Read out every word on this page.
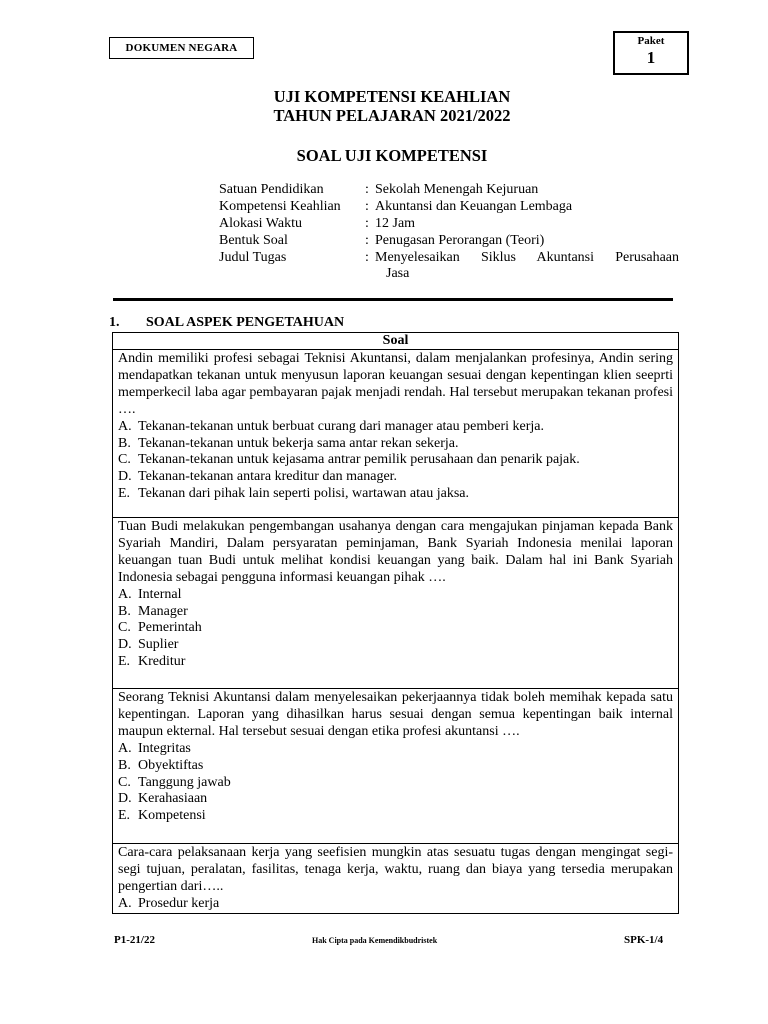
DOKUMEN NEGARA
Paket
1
UJI KOMPETENSI KEAHLIAN
TAHUN PELAJARAN 2021/2022
SOAL UJI KOMPETENSI
Satuan Pendidikan	: Sekolah Menengah Kejuruan
Kompetensi Keahlian	: Akuntansi dan Keuangan Lembaga
Alokasi Waktu	: 12 Jam
Bentuk Soal	: Penugasan Perorangan (Teori)
Judul Tugas	: Menyelesaikan Siklus Akuntansi Perusahaan
Jasa
1.	SOAL ASPEK PENGETAHUAN
Soal
Andin memiliki profesi sebagai Teknisi Akuntansi, dalam menjalankan profesinya, Andin sering mendapatkan tekanan untuk menyusun laporan keuangan sesuai dengan kepentingan klien seeprti memperkecil laba agar pembayaran pajak menjadi rendah. Hal tersebut merupakan tekanan profesi ….
A. Tekanan-tekanan untuk berbuat curang dari manager atau pemberi kerja.
B. Tekanan-tekanan untuk bekerja sama antar rekan sekerja.
C. Tekanan-tekanan untuk kejasama antrar pemilik perusahaan dan penarik pajak.
D. Tekanan-tekanan antara kreditur dan manager.
E. Tekanan dari pihak lain seperti polisi, wartawan atau jaksa.
Tuan Budi melakukan pengembangan usahanya dengan cara mengajukan pinjaman kepada Bank Syariah Mandiri, Dalam persyaratan peminjaman, Bank Syariah Indonesia menilai laporan keuangan tuan Budi untuk melihat kondisi keuangan yang baik. Dalam hal ini Bank Syariah Indonesia sebagai pengguna informasi keuangan pihak ….
A. Internal
B. Manager
C. Pemerintah
D. Suplier
E. Kreditur
Seorang Teknisi Akuntansi dalam menyelesaikan pekerjaannya tidak boleh memihak kepada satu kepentingan. Laporan yang dihasilkan harus sesuai dengan semua kepentingan baik internal maupun ekternal. Hal tersebut sesuai dengan etika profesi akuntansi ….
A. Integritas
B. Obyektiftas
C. Tanggung jawab
D. Kerahasiaan
E. Kompetensi
Cara-cara pelaksanaan kerja yang seefisien mungkin atas sesuatu tugas dengan mengingat segi-segi tujuan, peralatan, fasilitas, tenaga kerja, waktu, ruang dan biaya yang tersedia merupakan pengertian dari…..
A. Prosedur kerja
P1-21/22	Hak Cipta pada Kemendikbudristek	SPK-1/4
